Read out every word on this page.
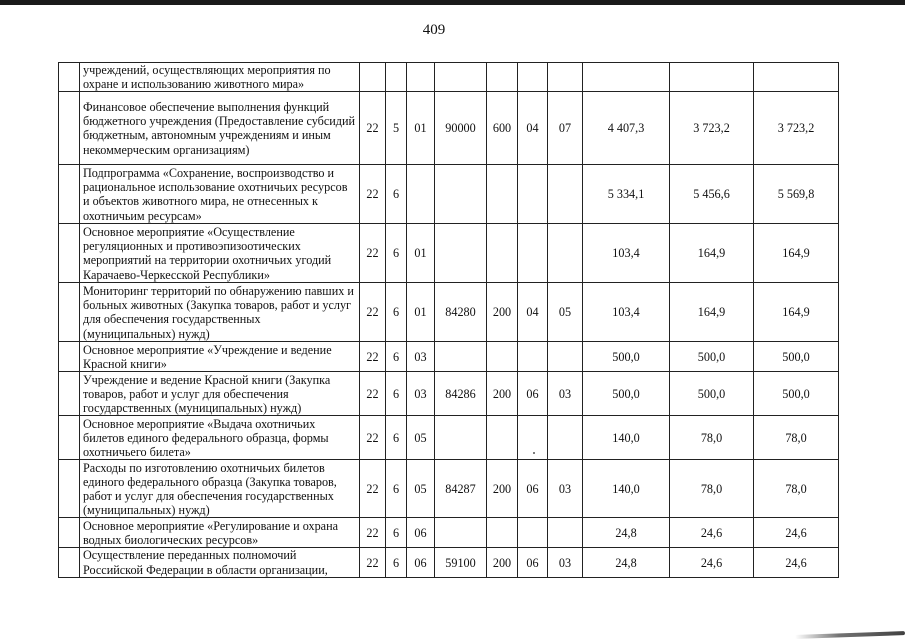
409
	учреждений, осуществляющих мероприятия по охране и использованию животного мира»										
	Финансовое обеспечение выполнения функций бюджетного учреждения (Предоставление субсидий бюджетным, автономным учреждениям и иным некоммерческим организациям)	22	5	01	90000	600	04	07	4 407,3	3 723,2	3 723,2
	Подпрограмма «Сохранение, воспроизводство и рациональное использование охотничьих ресурсов и объектов животного мира, не отнесенных к охотничьим ресурсам»	22	6						5 334,1	5 456,6	5 569,8
	Основное мероприятие «Осуществление регуляционных и противоэпизоотических мероприятий на территории охотничьих угодий Карачаево-Черкесской Республики»	22	6	01					103,4	164,9	164,9
	Мониторинг территорий по обнаружению павших и больных животных (Закупка товаров, работ и услуг для обеспечения государственных (муниципальных) нужд)	22	6	01	84280	200	04	05	103,4	164,9	164,9
	Основное мероприятие «Учреждение и ведение Красной книги»	22	6	03					500,0	500,0	500,0
	Учреждение и ведение Красной книги (Закупка товаров, работ и услуг для обеспечения государственных (муниципальных) нужд)	22	6	03	84286	200	06	03	500,0	500,0	500,0
	Основное мероприятие «Выдача охотничьих билетов единого федерального образца, формы охотничьего билета»	22	6	05					140,0	78,0	78,0
	Расходы по изготовлению охотничьих билетов единого федерального образца (Закупка товаров, работ и услуг для обеспечения государственных (муниципальных) нужд)	22	6	05	84287	200	06	03	140,0	78,0	78,0
	Основное мероприятие «Регулирование и охрана водных биологических ресурсов»	22	6	06					24,8	24,6	24,6
	Осуществление переданных полномочий Российской Федерации в области организации,	22	6	06	59100	200	06	03	24,8	24,6	24,6
